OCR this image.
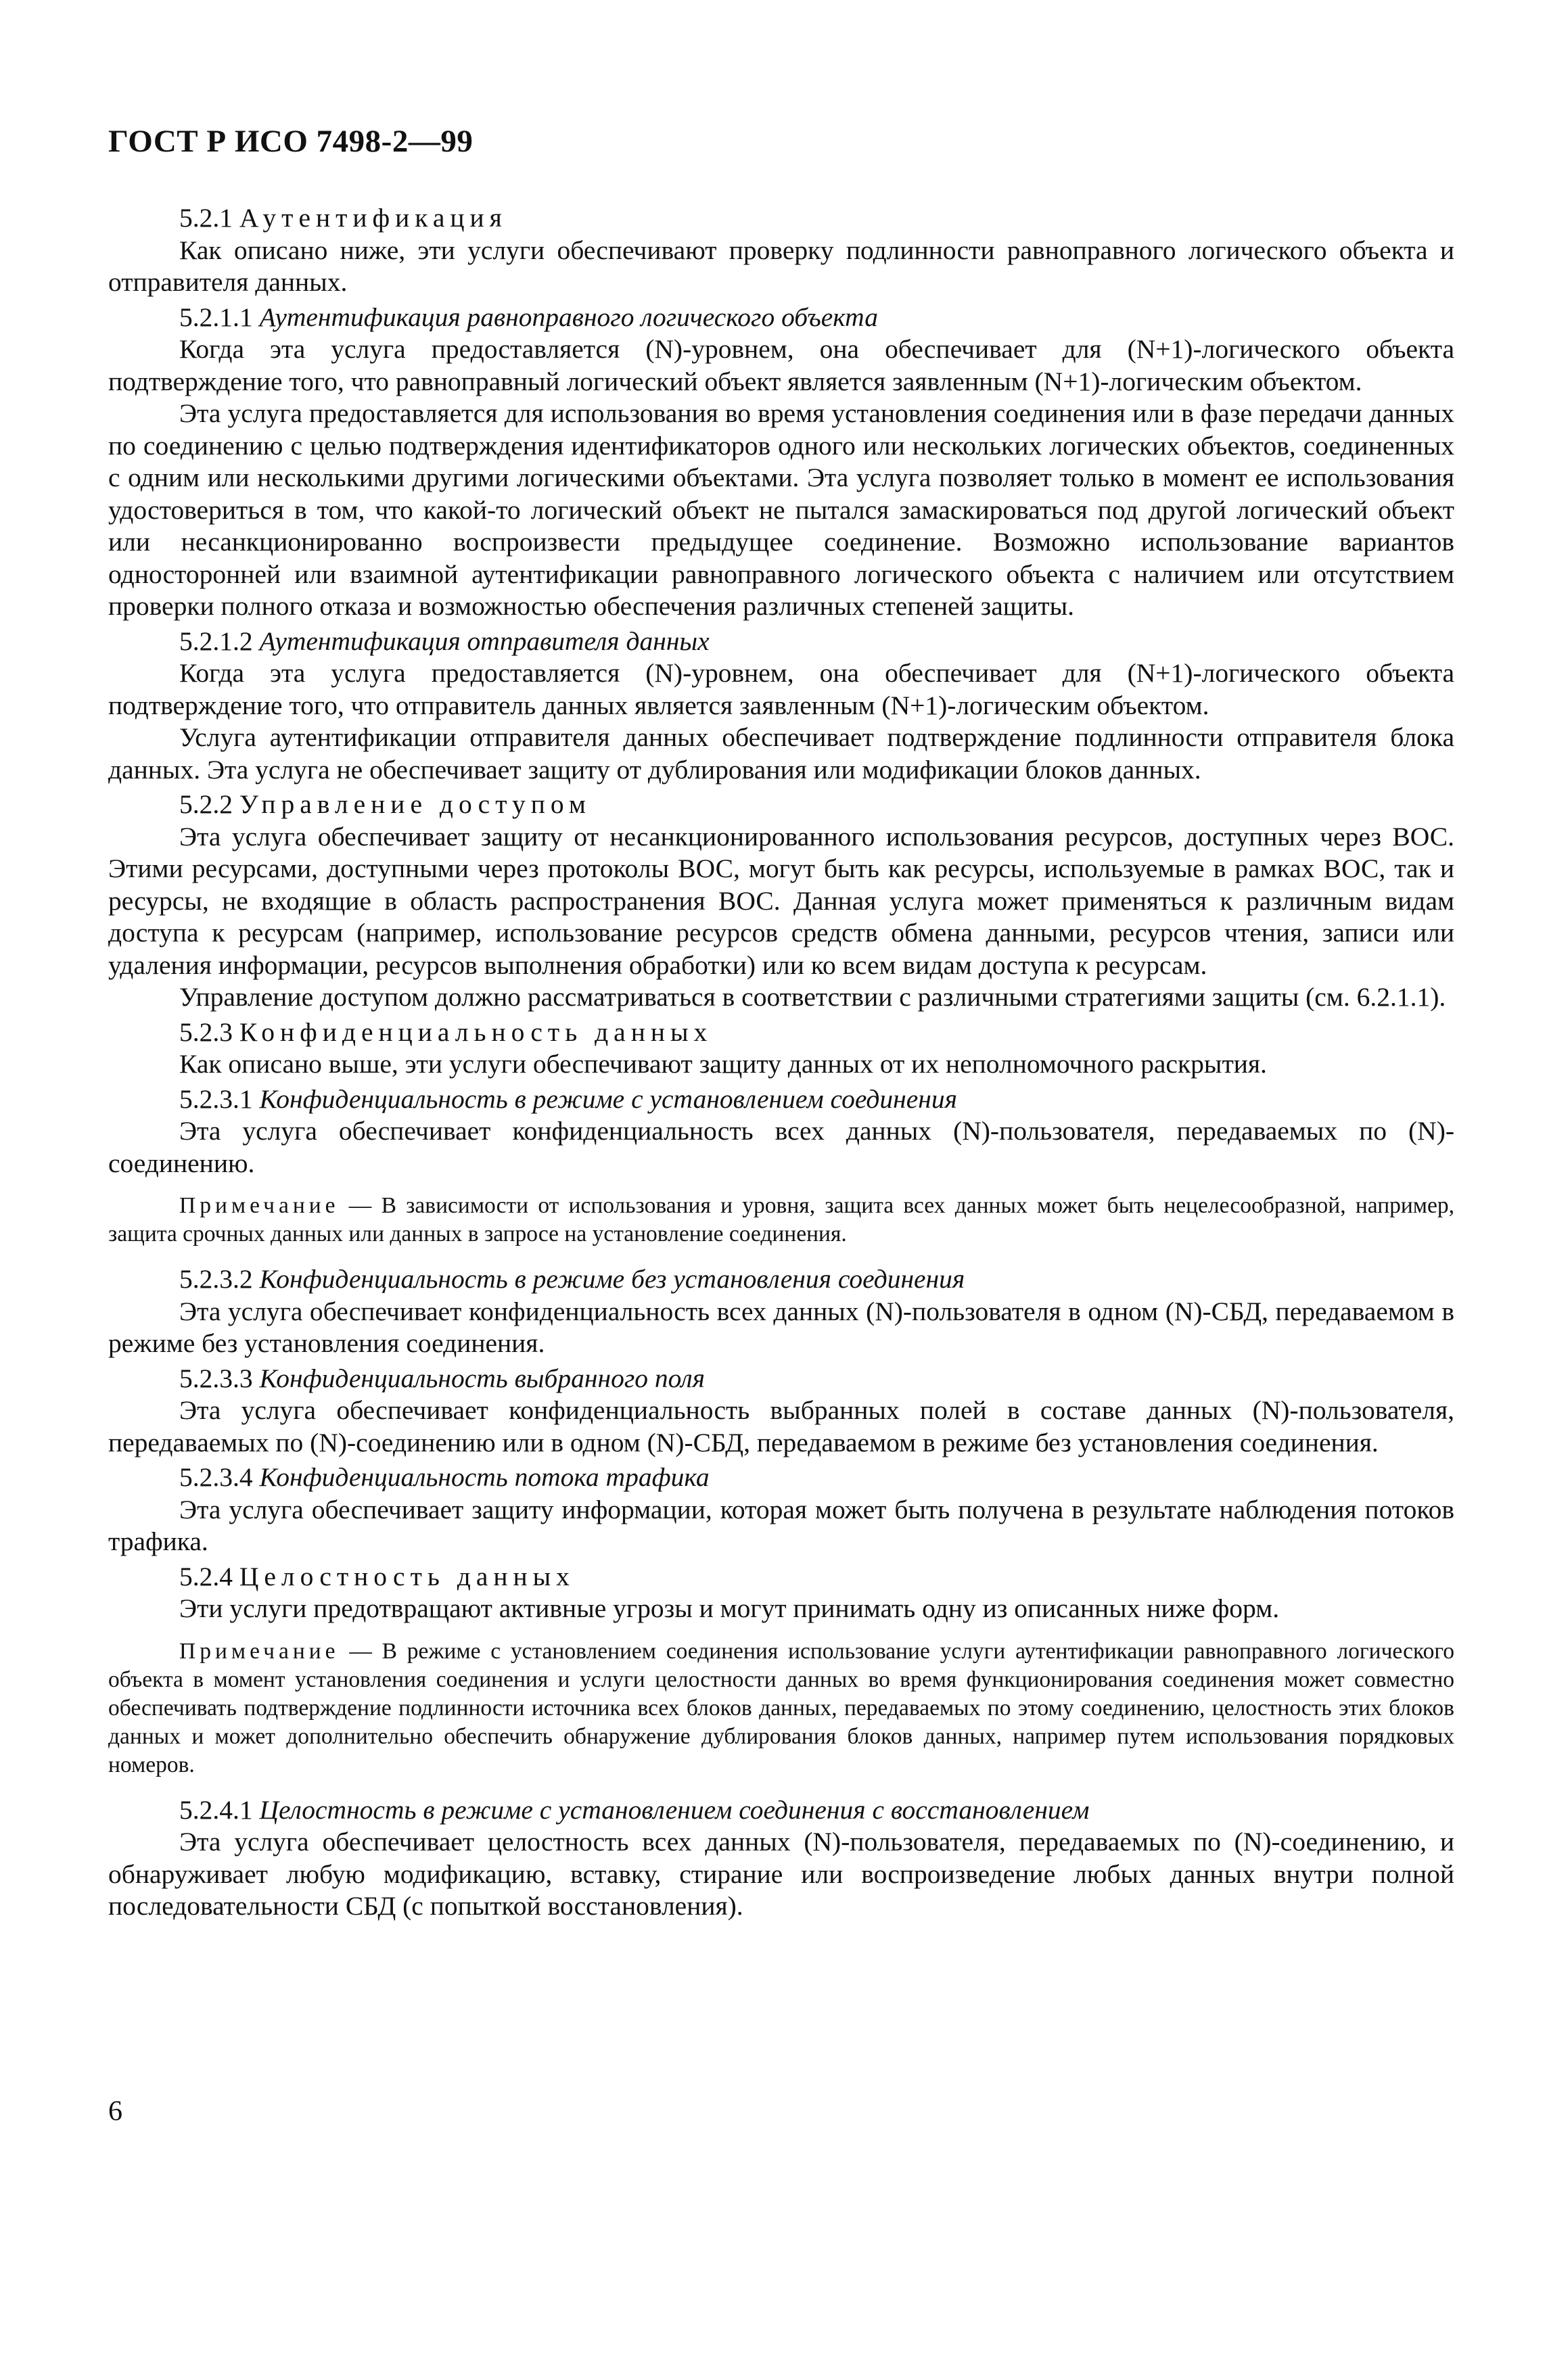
ГОСТ Р ИСО 7498-2—99

5.2.1 Аутентификация

Как описано ниже, эти услуги обеспечивают проверку подлинности равноправного логического объекта и отправителя данных.

5.2.1.1 Аутентификация равноправного логического объекта

Когда эта услуга предоставляется (N)-уровнем, она обеспечивает для (N+1)-логического объекта подтверждение того, что равноправный логический объект является заявленным (N+1)-логическим объектом.

Эта услуга предоставляется для использования во время установления соединения или в фазе передачи данных по соединению с целью подтверждения идентификаторов одного или нескольких логических объектов, соединенных с одним или несколькими другими логическими объектами. Эта услуга позволяет только в момент ее использования удостовериться в том, что какой-то логический объект не пытался замаскироваться под другой логический объект или несанкционированно воспроизвести предыдущее соединение. Возможно использование вариантов односторонней или взаимной аутентификации равноправного логического объекта с наличием или отсутствием проверки полного отказа и возможностью обеспечения различных степеней защиты.

5.2.1.2 Аутентификация отправителя данных

Когда эта услуга предоставляется (N)-уровнем, она обеспечивает для (N+1)-логического объекта подтверждение того, что отправитель данных является заявленным (N+1)-логическим объектом.

Услуга аутентификации отправителя данных обеспечивает подтверждение подлинности отправителя блока данных. Эта услуга не обеспечивает защиту от дублирования или модификации блоков данных.

5.2.2 Управление доступом

Эта услуга обеспечивает защиту от несанкционированного использования ресурсов, доступных через ВОС. Этими ресурсами, доступными через протоколы ВОС, могут быть как ресурсы, используемые в рамках ВОС, так и ресурсы, не входящие в область распространения ВОС. Данная услуга может применяться к различным видам доступа к ресурсам (например, использование ресурсов средств обмена данными, ресурсов чтения, записи или удаления информации, ресурсов выполнения обработки) или ко всем видам доступа к ресурсам.

Управление доступом должно рассматриваться в соответствии с различными стратегиями защиты (см. 6.2.1.1).

5.2.3 Конфиденциальность данных

Как описано выше, эти услуги обеспечивают защиту данных от их неполномочного раскрытия.

5.2.3.1 Конфиденциальность в режиме с установлением соединения

Эта услуга обеспечивает конфиденциальность всех данных (N)-пользователя, передаваемых по (N)-соединению.

Примечание — В зависимости от использования и уровня, защита всех данных может быть нецелесообразной, например, защита срочных данных или данных в запросе на установление соединения.

5.2.3.2 Конфиденциальность в режиме без установления соединения

Эта услуга обеспечивает конфиденциальность всех данных (N)-пользователя в одном (N)-СБД, передаваемом в режиме без установления соединения.

5.2.3.3 Конфиденциальность выбранного поля

Эта услуга обеспечивает конфиденциальность выбранных полей в составе данных (N)-пользователя, передаваемых по (N)-соединению или в одном (N)-СБД, передаваемом в режиме без установления соединения.

5.2.3.4 Конфиденциальность потока трафика

Эта услуга обеспечивает защиту информации, которая может быть получена в результате наблюдения потоков трафика.

5.2.4 Целостность данных

Эти услуги предотвращают активные угрозы и могут принимать одну из описанных ниже форм.

Примечание — В режиме с установлением соединения использование услуги аутентификации равноправного логического объекта в момент установления соединения и услуги целостности данных во время функционирования соединения может совместно обеспечивать подтверждение подлинности источника всех блоков данных, передаваемых по этому соединению, целостность этих блоков данных и может дополнительно обеспечить обнаружение дублирования блоков данных, например путем использования порядковых номеров.

5.2.4.1 Целостность в режиме с установлением соединения с восстановлением

Эта услуга обеспечивает целостность всех данных (N)-пользователя, передаваемых по (N)-соединению, и обнаруживает любую модификацию, вставку, стирание или воспроизведение любых данных внутри полной последовательности СБД (с попыткой восстановления).

6
